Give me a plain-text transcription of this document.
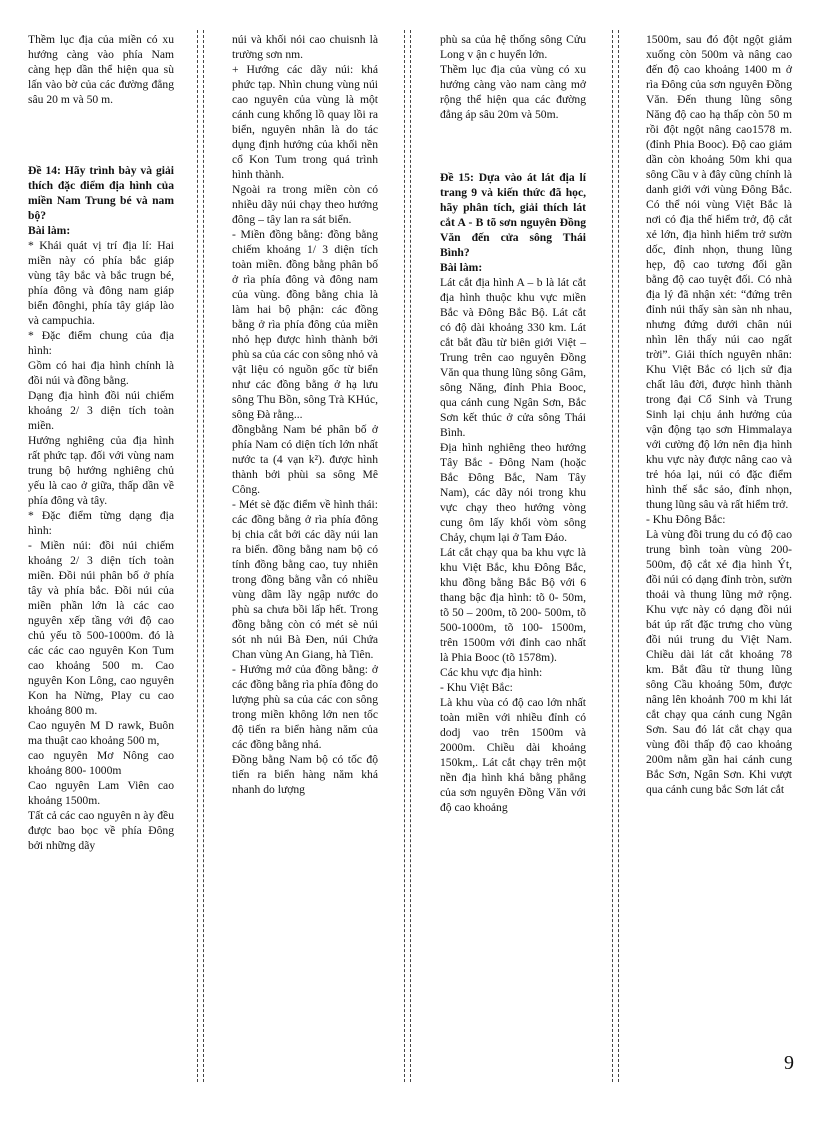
Thềm lục địa của miền có xu hướng càng vào phía Nam càng hẹp dần thể hiện qua sù lấn vào bờ của các đường đẳng sâu 20 m và 50 m.

Đề 14: Hãy trình bày và giải thích đặc điểm địa hình của miền Nam Trung bé và nam bộ?

Bài làm:

* Khái quát vị trí địa lí: Hai miền này có phía bắc giáp vùng tây bắc và bắc trugn bé, phía đông và đông nam giáp biển đônghi, phía tây giáp lào và campuchia.

* Đặc điểm chung của địa hình:

Gồm có hai địa hình chính là đồi núi và đồng bằng.

Dạng địa hình đồi núi chiếm khoảng 2/ 3 diện tích toàn miền.

Hướng nghiêng của địa hình rất phức tạp. đối với vùng nam trung bộ hướng nghiêng chủ yếu là cao ở giữa, thấp dần về phía đông và tây.

* Đặc điểm từng dạng địa hình:

- Miền núi: đồi núi chiếm khoảng 2/ 3 diện tích toàn miền. Đồi núi phân bố ở phía tây và phía bắc. Đồi núi của miền phần lớn là các cao nguyên xếp tầng với độ cao chủ yếu tõ 500-1000m. đó là các các cao nguyên Kon Tum cao khoảng 500 m. Cao nguyên Kon Lông, cao nguyên Kon ha Nừng, Play cu cao khoảng 800 m.

Cao nguyên M D rawk, Buôn ma thuật cao khoảng 500 m,

cao nguyên Mơ Nông cao khoảng 800- 1000m

Cao nguyên Lam Viên cao khoảng 1500m.

Tất cả các cao nguyên n ày đều được bao bọc về phía Đông bởi những dãy

núi và khối nói cao chuisnh là trường sơn nm.

+ Hướng các dãy núi: khá phức tạp. Nhìn chung vùng núi cao nguyên của vùng là một cánh cung khổng lồ quay lồi ra biển, nguyên nhân là do tác dụng định hướng của khối nền cổ Kon Tum trong quá trình hình thành.

Ngoài ra trong miền còn có nhiều dãy núi chạy theo hướng đông – tây lan ra sát biển.

- Miền đồng bằng: đồng bằng chiếm khoảng 1/ 3 diện tích toàn miền. đồng bằng phân bố ở rìa phía đông và đông nam của vùng. đồng bằng chia là làm hai bộ phận: các đồng bằng ở rìa phía đông của miền nhỏ hẹp được hình thành bởi phù sa của các con sông nhỏ và vật liệu có nguồn gốc từ biển như các đồng bằng ở hạ lưu sông Thu Bồn, sông Trà KHúc, sông Đà rằng...

đồngbằng Nam bé phân bố ở phía Nam có diện tích lớn nhất nước ta (4 vạn k²). được hình thành bởi phùi sa sông Mê Công.

- Mét sè đặc điểm về hình thái: các đồng bằng ở rìa phía đông bị chia cắt bởi các dãy núi lan ra biển. đồng bằng nam bộ có tính đồng bằng cao, tuy nhiên trong đồng bằng vẫn có nhiều vùng dầm lầy ngập nước do phù sa chưa bồi lấp hết. Trong đồng bằng còn có mét sè núi sót nh núi Bà Đen, núi Chứa Chan vùng An Giang, hà Tiên.

- Hướng mở của đồng bằng: ở các đồng bằng rìa phía đông do lượng phù sa của các con sông trong miền không lớn nen tốc độ tiến ra biển hàng năm của các đồng bằng nhá.

Đồng bằng Nam bộ có tốc độ tiến ra biển hàng năm khá nhanh do lượng

phù sa của hệ thống sông Cửu Long v ận c huyển lớn.

Thềm lục địa của vùng có xu hướng càng vào nam càng mở rộng thể hiện qua các đường đẳng áp sâu 20m và 50m.

Đề 15: Dựa vào át lát địa lí trang 9 và kiến thức đã học, hãy phân tích, giải thích lát cắt A - B tõ sơn nguyên Đồng Văn đến cửa sông Thái Bình?

Bài làm:

Lát cắt địa hình A – b là lát cắt địa hình thuộc khu vực miền Bắc và Đông Bắc Bộ. Lát cắt có độ dài khoảng 330 km. Lát cắt bắt đầu từ biên giới Việt – Trung trên cao nguyên Đồng Văn qua thung lũng sông Gâm, sông Năng, đỉnh Phia Booc, qua cánh cung Ngân Sơn, Bắc Sơn kết thúc ở cửa sông Thái Bình.

Địa hình nghiêng theo hướng Tây Bắc - Đông Nam (hoặc Bắc Đông Bắc, Nam Tây Nam), các dãy nói trong khu vực chạy theo hướng vòng cung ôm lấy khối vòm sông Chảy, chụm lại ở Tam Đảo.

Lát cắt chạy qua ba khu vực là khu Việt Bắc, khu Đông Bắc, khu đồng bằng Bắc Bộ với 6 thang bậc địa hình: tõ 0- 50m, tõ 50 – 200m, tõ 200- 500m, tõ 500-1000m, tõ 100- 1500m, trên 1500m với đỉnh cao nhất là Phia Booc (tõ 1578m).

Các khu vực địa hình:

- Khu Việt Bắc:

Là khu vùa có độ cao lớn nhất toàn miền với nhiều đỉnh có dodj vao trên 1500m và 2000m. Chiều dài khoảng 150km,. Lát cắt chạy trên một nền địa hình khá bằng phẳng của sơn nguyên Đồng Văn với độ cao khoảng

1500m, sau đó đột ngột giảm xuống còn 500m và nâng cao đến độ cao khoảng 1400 m ở rìa Đông của sơn nguyên Đồng Văn. Đến thung lũng sông Năng độ cao hạ thấp còn 50 m rồi đột ngột nâng cao1578 m. (đỉnh Phia Booc). Độ cao giảm dần còn khoảng 50m khi qua sông Cầu v à đây cũng chính là danh giới với vùng Đông Bắc. Có thể nói vùng Việt Bắc là nơi có địa thế hiểm trở, độ cắt xẻ lớn, địa hình hiểm trở sườn dốc, đỉnh nhọn, thung lũng hẹp, độ cao tương đối gần bằng độ cao tuyệt đối. Có nhà địa lý đã nhận xét: “đứng trên đỉnh núi thấy sàn sàn nh nhau, nhưng đứng dưới chân núi nhìn lên thấy núi cao ngất trời”. Giải thích nguyên nhân: Khu Việt Bắc có lịch sử địa chất lâu đời, được hình thành trong đại Cổ Sinh và Trung Sinh lại chịu ảnh hưởng của vận động tạo sơn Himmalaya với cường độ lớn nên địa hình khu vực này được nâng cao và trẻ hóa lại, núi có đặc điểm hình thế sắc sảo, đỉnh nhọn, thung lũng sâu và rất hiểm trở.

- Khu Đông Bắc:

Là vùng đồi trung du có độ cao trung bình toàn vùng 200-500m, độ cắt xẻ địa hình Ýt, đồi núi có dạng đỉnh tròn, sườn thoải và thung lũng mở rộng. Khu vực này có dạng đồi núi bát úp rất đặc trưng cho vùng đồi núi trung du Việt Nam. Chiều dài lát cắt khoảng 78 km. Bắt đầu từ thung lũng sông Cầu khoảng 50m, được nâng lên khoảnh 700 m khi lát cắt chạy qua cánh cung Ngân Sơn. Sau đó lát cắt chạy qua vùng đồi thấp độ cao khoảng 200m nằm gần hai cánh cung Bắc Sơn, Ngân Sơn. Khi vượt qua cánh cung bắc Sơn lát cắt

9
